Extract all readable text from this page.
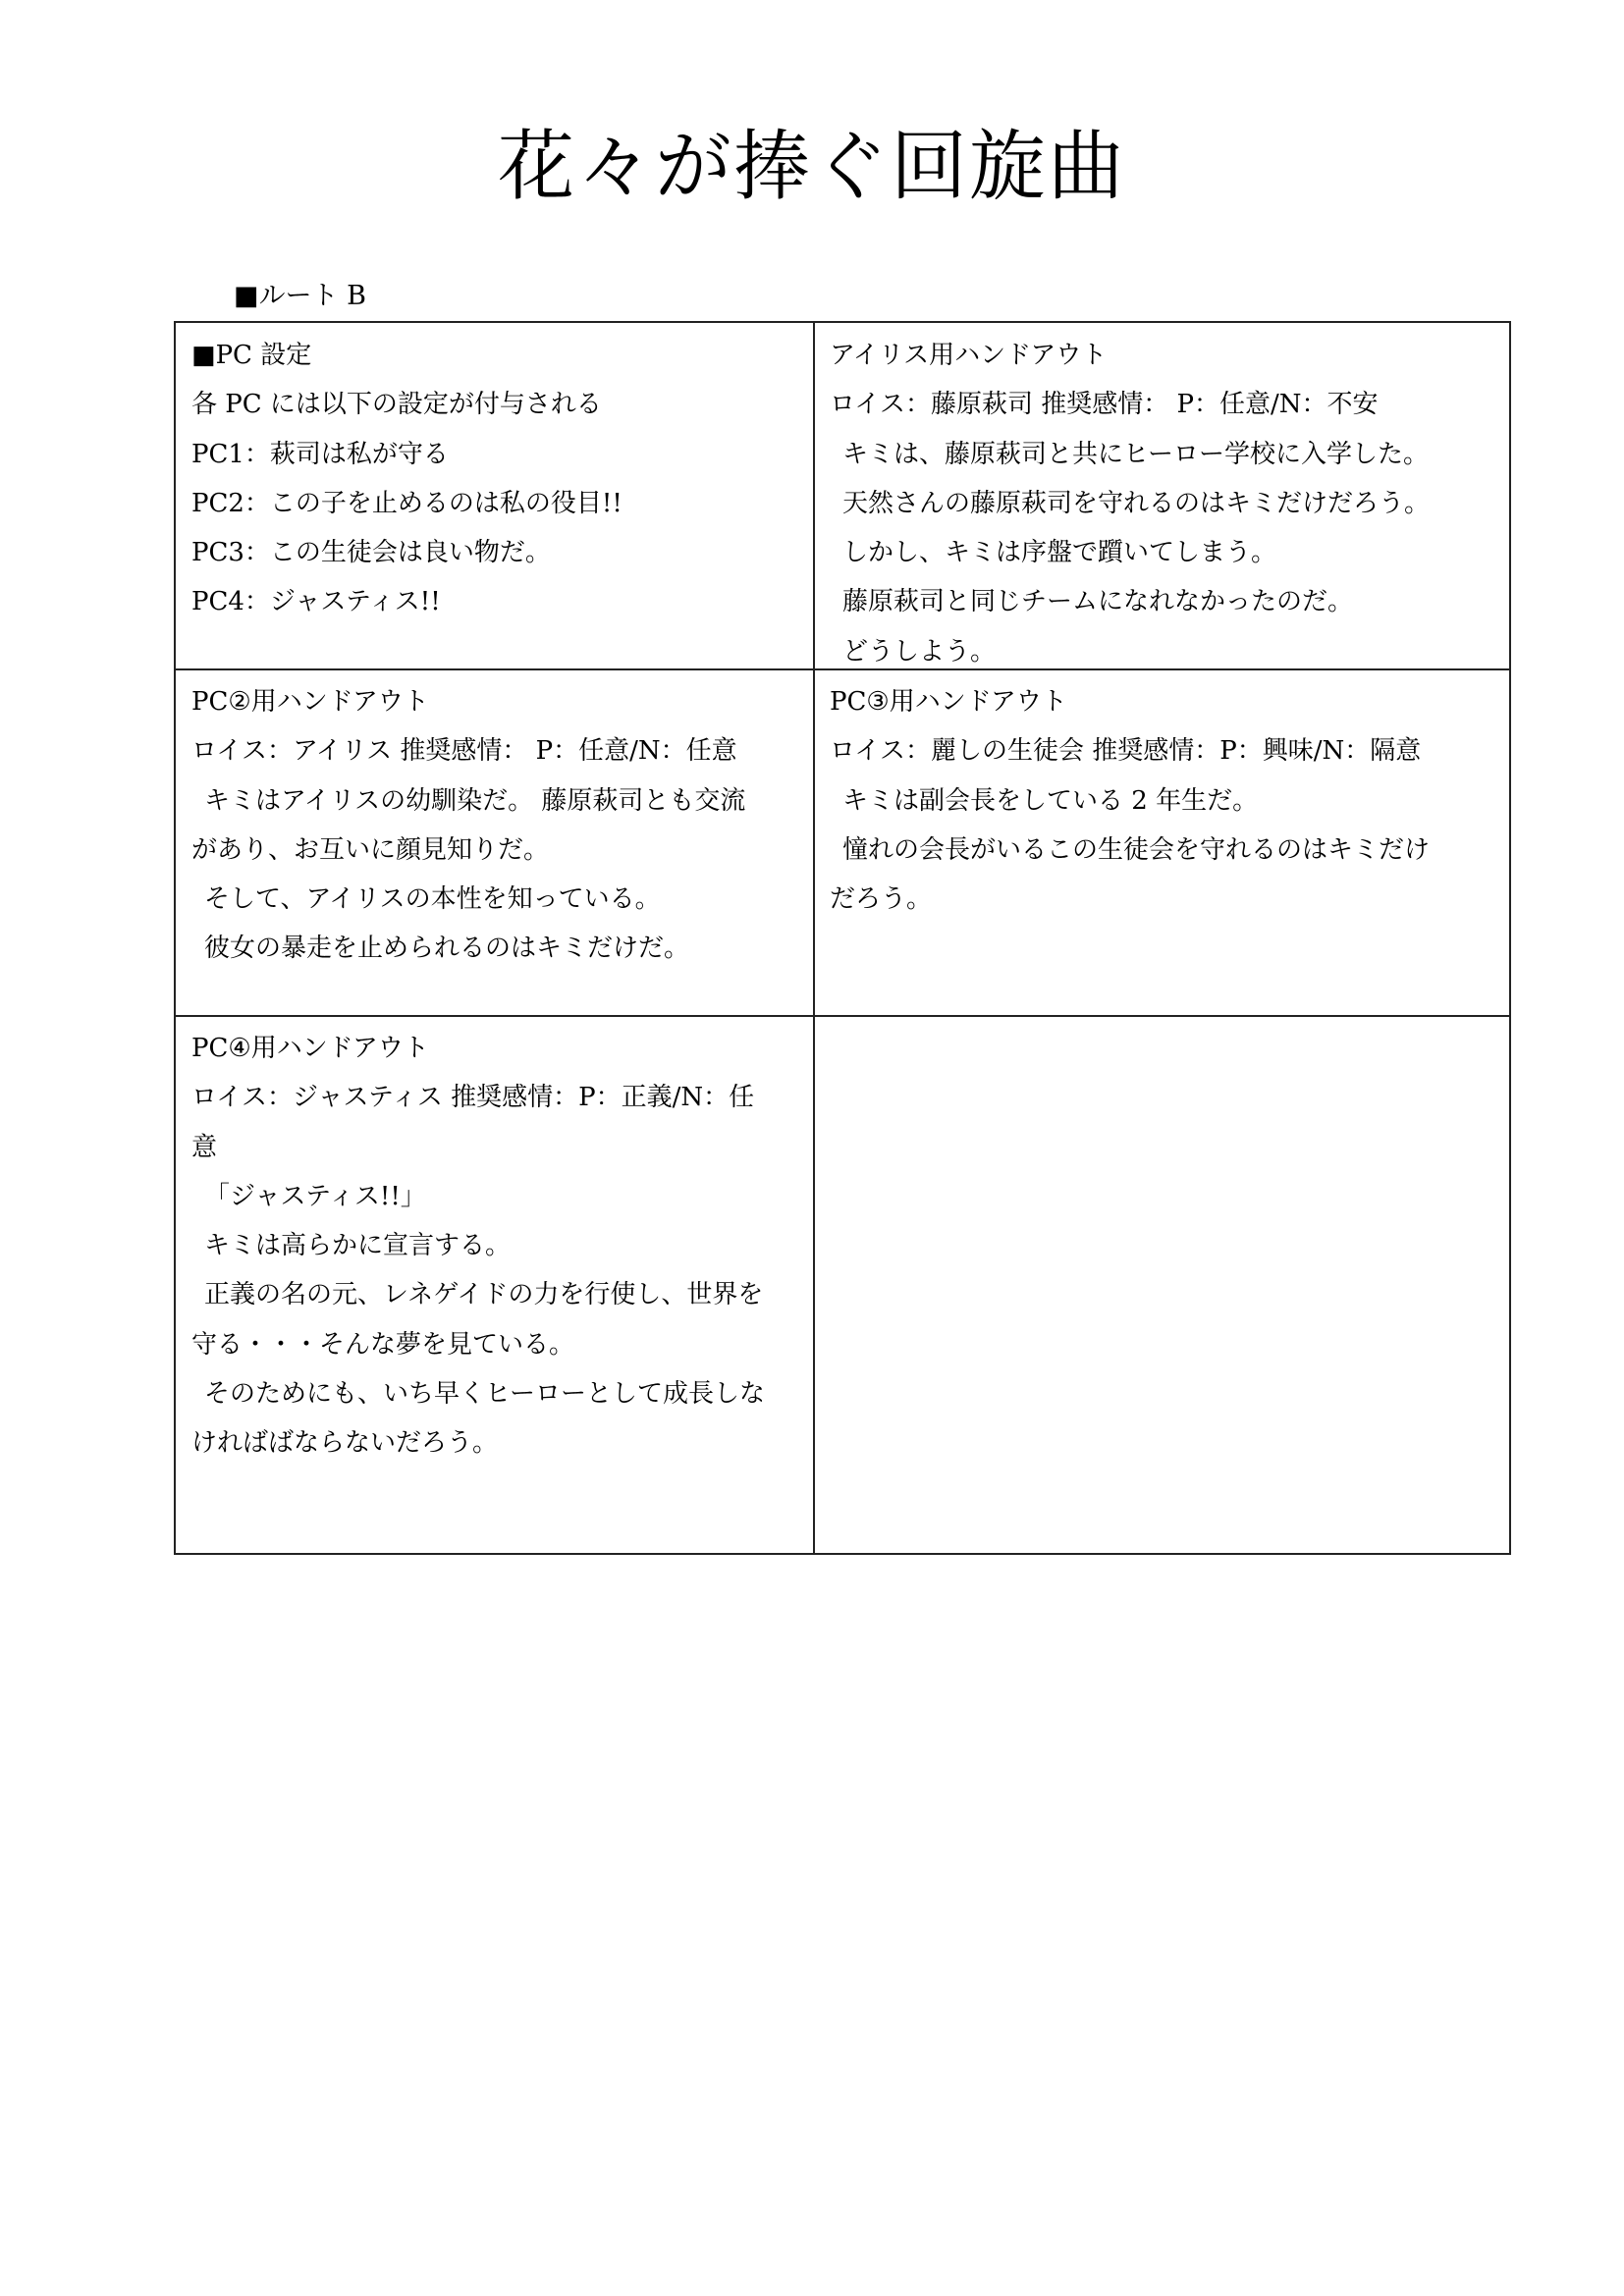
花々が捧ぐ回旋曲
■ルート B
■PC 設定
各 PC には以下の設定が付与される
PC1：萩司は私が守る
PC2：この子を止めるのは私の役目!!
PC3：この生徒会は良い物だ。
PC4：ジャスティス!!
アイリス用ハンドアウト
ロイス：藤原萩司 推奨感情： P：任意/N：不安
キミは、藤原萩司と共にヒーロー学校に入学した。
天然さんの藤原萩司を守れるのはキミだけだろう。
しかし、キミは序盤で躓いてしまう。
藤原萩司と同じチームになれなかったのだ。
どうしよう。
PC②用ハンドアウト
ロイス：アイリス 推奨感情： P：任意/N：任意
キミはアイリスの幼馴染だ。 藤原萩司とも交流
があり、お互いに顔見知りだ。
そして、アイリスの本性を知っている。
彼女の暴走を止められるのはキミだけだ。
PC③用ハンドアウト
ロイス：麗しの生徒会 推奨感情：P：興味/N：隔意
キミは副会長をしている 2 年生だ。
憧れの会長がいるこの生徒会を守れるのはキミだけ
だろう。
PC④用ハンドアウト
ロイス：ジャスティス 推奨感情：P：正義/N：任
意
「ジャスティス!!」
キミは高らかに宣言する。
正義の名の元、レネゲイドの力を行使し、世界を
守る・・・そんな夢を見ている。
そのためにも、いち早くヒーローとして成長しな
ければばならないだろう。
